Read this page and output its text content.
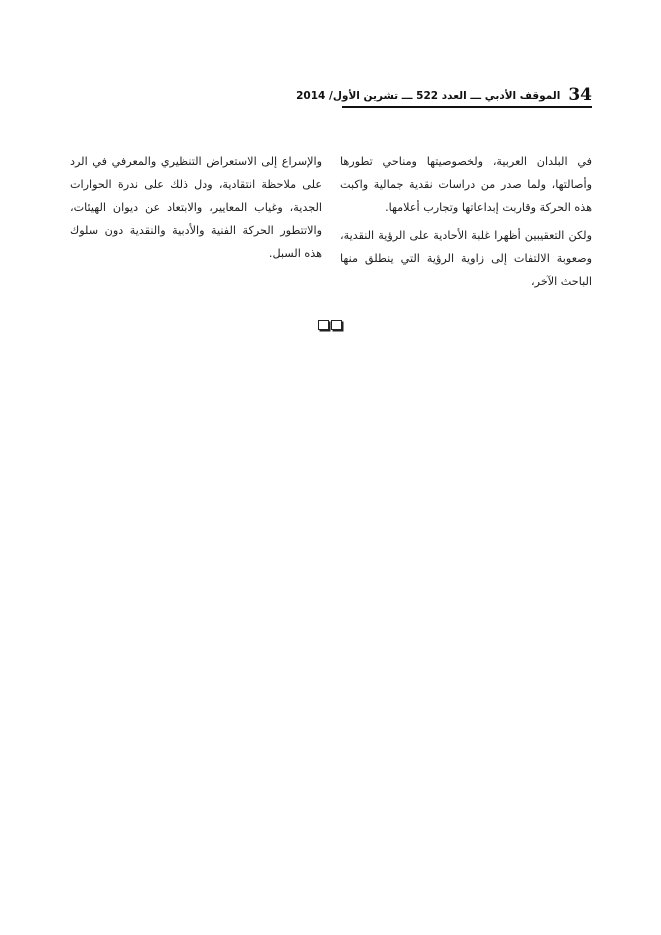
34
الموقف الأدبي ـــ العدد 522 ـــ تشرين الأول/ 2014

في البلدان العربية، ولخصوصيتها ومناحي تطورها وأصالتها، ولما صدر من دراسات نقدية جمالية واكبت هذه الحركة وقاربت إبداعاتها وتجارب أعلامها.

ولكن التعقيبين أظهرا غلبة الأحادية على الرؤية النقدية، وصعوبة الالتفات إلى زاوية الرؤية التي ينطلق منها الباحث الآخر،

والإسراع إلى الاستعراض التنظيري والمعرفي في الرد على ملاحظة انتقادية، ودل ذلك على ندرة الحوارات الجدية، وغياب المعايير، والابتعاد عن ديوان الهيئات، والاتتطور الحركة الفنية والأدبية والنقدية دون سلوك هذه السبل.
